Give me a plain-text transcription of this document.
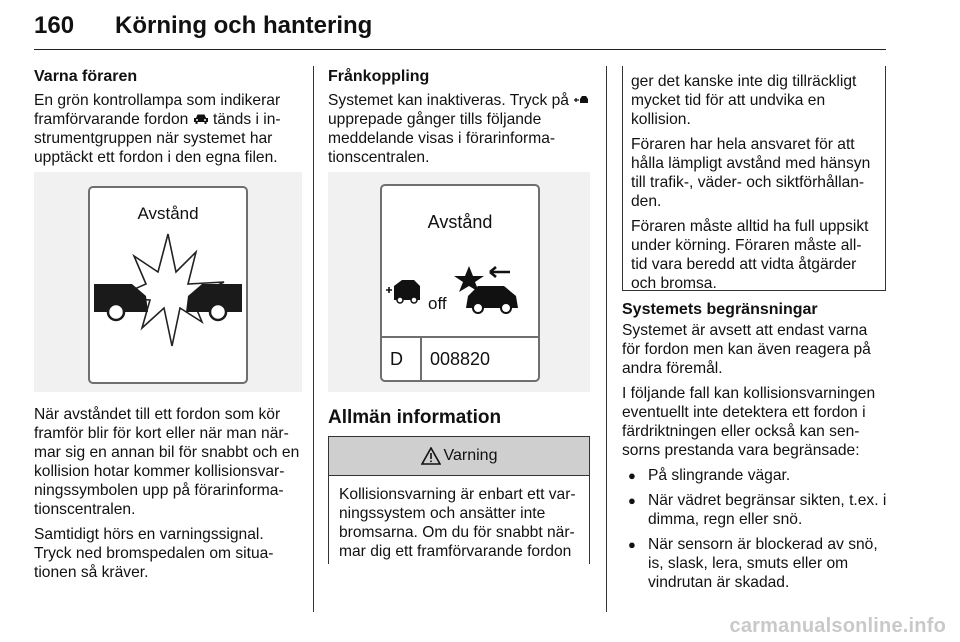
160 Körning och hantering
Varna föraren

En grön kontrollampa som indikerar framförvarande fordon tänds i in-strumentgruppen när systemet har upptäckt ett fordon i den egna filen.

Avstånd

När avståndet till ett fordon som kör framför blir för kort eller när man när-mar sig en annan bil för snabbt och en kollision hotar kommer kollisionsvar-ningssymbolen upp på förarinforma-tionscentralen.

Samtidigt hörs en varningssignal. Tryck ned bromspedalen om situa-tionen så kräver.

Frånkoppling

Systemet kan inaktiveras. Tryck på  upprepade gånger tills följande meddelande visas i förarinforma-tionscentralen.

Avstånd
D 008820
off
Allmän information
Varning
Kollisionsvarning är enbart ett var-ningssystem och ansätter inte bromsarna. Om du för snabbt när-mar dig ett framförvarande fordon

ger det kanske inte dig tillräckligt mycket tid för att undvika en kollision.

Föraren har hela ansvaret för att hålla lämpligt avstånd med hänsyn till trafik-, väder- och siktförhållan-den.

Föraren måste alltid ha full uppsikt under körning. Föraren måste all-tid vara beredd att vidta åtgärder och bromsa.

Systemets begränsningar

Systemet är avsett att endast varna för fordon men kan även reagera på andra föremål.

I följande fall kan kollisionsvarningen eventuellt inte detektera ett fordon i färdriktningen eller också kan sen-sorns prestanda vara begränsade:

● På slingrande vägar.
● När vädret begränsar sikten, t.ex. i dimma, regn eller snö.
● När sensorn är blockerad av snö, is, slask, lera, smuts eller om vindrutan är skadad.
carmanualsonline.info
